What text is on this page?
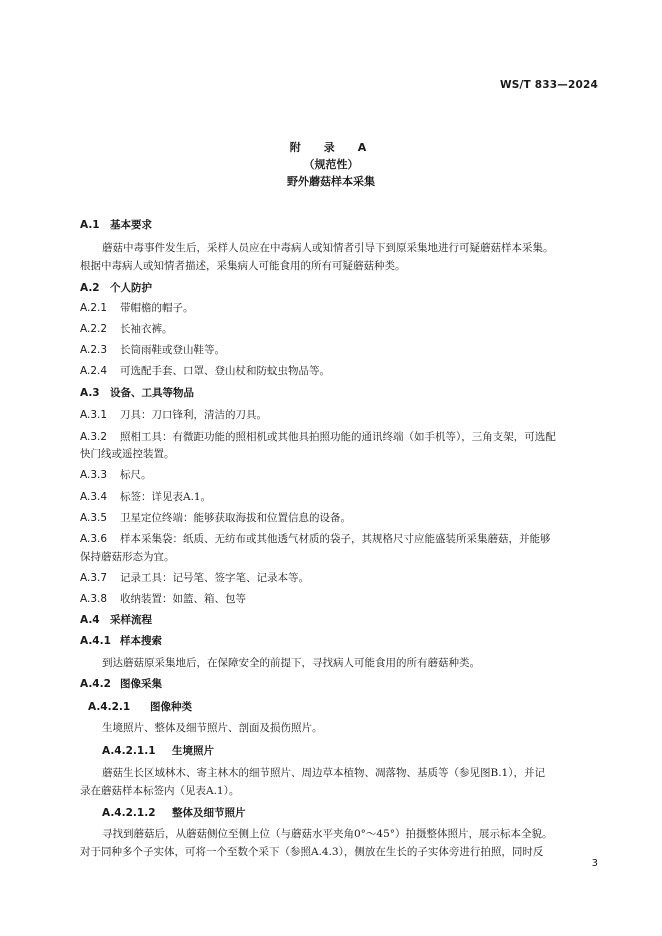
WS/T 833—2024
附　录　A
（规范性）
野外蘑菇样本采集
A.1 基本要求
蘑菇中毒事件发生后，采样人员应在中毒病人或知情者引导下到原采集地进行可疑蘑菇样本采集。
根据中毒病人或知情者描述，采集病人可能食用的所有可疑蘑菇种类。
A.2 个人防护
A.2.1 带帽檐的帽子。
A.2.2 长袖衣裤。
A.2.3 长筒雨鞋或登山鞋等。
A.2.4 可选配手套、口罩、登山杖和防蚊虫物品等。
A.3 设备、工具等物品
A.3.1 刀具：刀口锋利，清洁的刀具。
A.3.2 照相工具：有微距功能的照相机或其他具拍照功能的通讯终端（如手机等），三角支架，可选配
快门线或遥控装置。
A.3.3 标尺。
A.3.4 标签：详见表A.1。
A.3.5 卫星定位终端：能够获取海拔和位置信息的设备。
A.3.6 样本采集袋：纸质、无纺布或其他透气材质的袋子，其规格尺寸应能盛装所采集蘑菇，并能够
保持蘑菇形态为宜。
A.3.7 记录工具：记号笔、签字笔、记录本等。
A.3.8 收纳装置：如篮、箱、包等
A.4 采样流程
A.4.1 样本搜索
到达蘑菇原采集地后，在保障安全的前提下，寻找病人可能食用的所有蘑菇种类。
A.4.2 图像采集
A.4.2.1 图像种类
生境照片、整体及细节照片、剖面及损伤照片。
A.4.2.1.1 生境照片
蘑菇生长区域林木、寄主林木的细节照片、周边草本植物、凋落物、基质等（参见图B.1），并记
录在蘑菇样本标签内（见表A.1）。
A.4.2.1.2 整体及细节照片
寻找到蘑菇后，从蘑菇侧位至侧上位（与蘑菇水平夹角0°～45°）拍摄整体照片，展示标本全貌。
对于同种多个子实体，可将一个至数个采下（参照A.4.3），侧放在生长的子实体旁进行拍照，同时反
3
